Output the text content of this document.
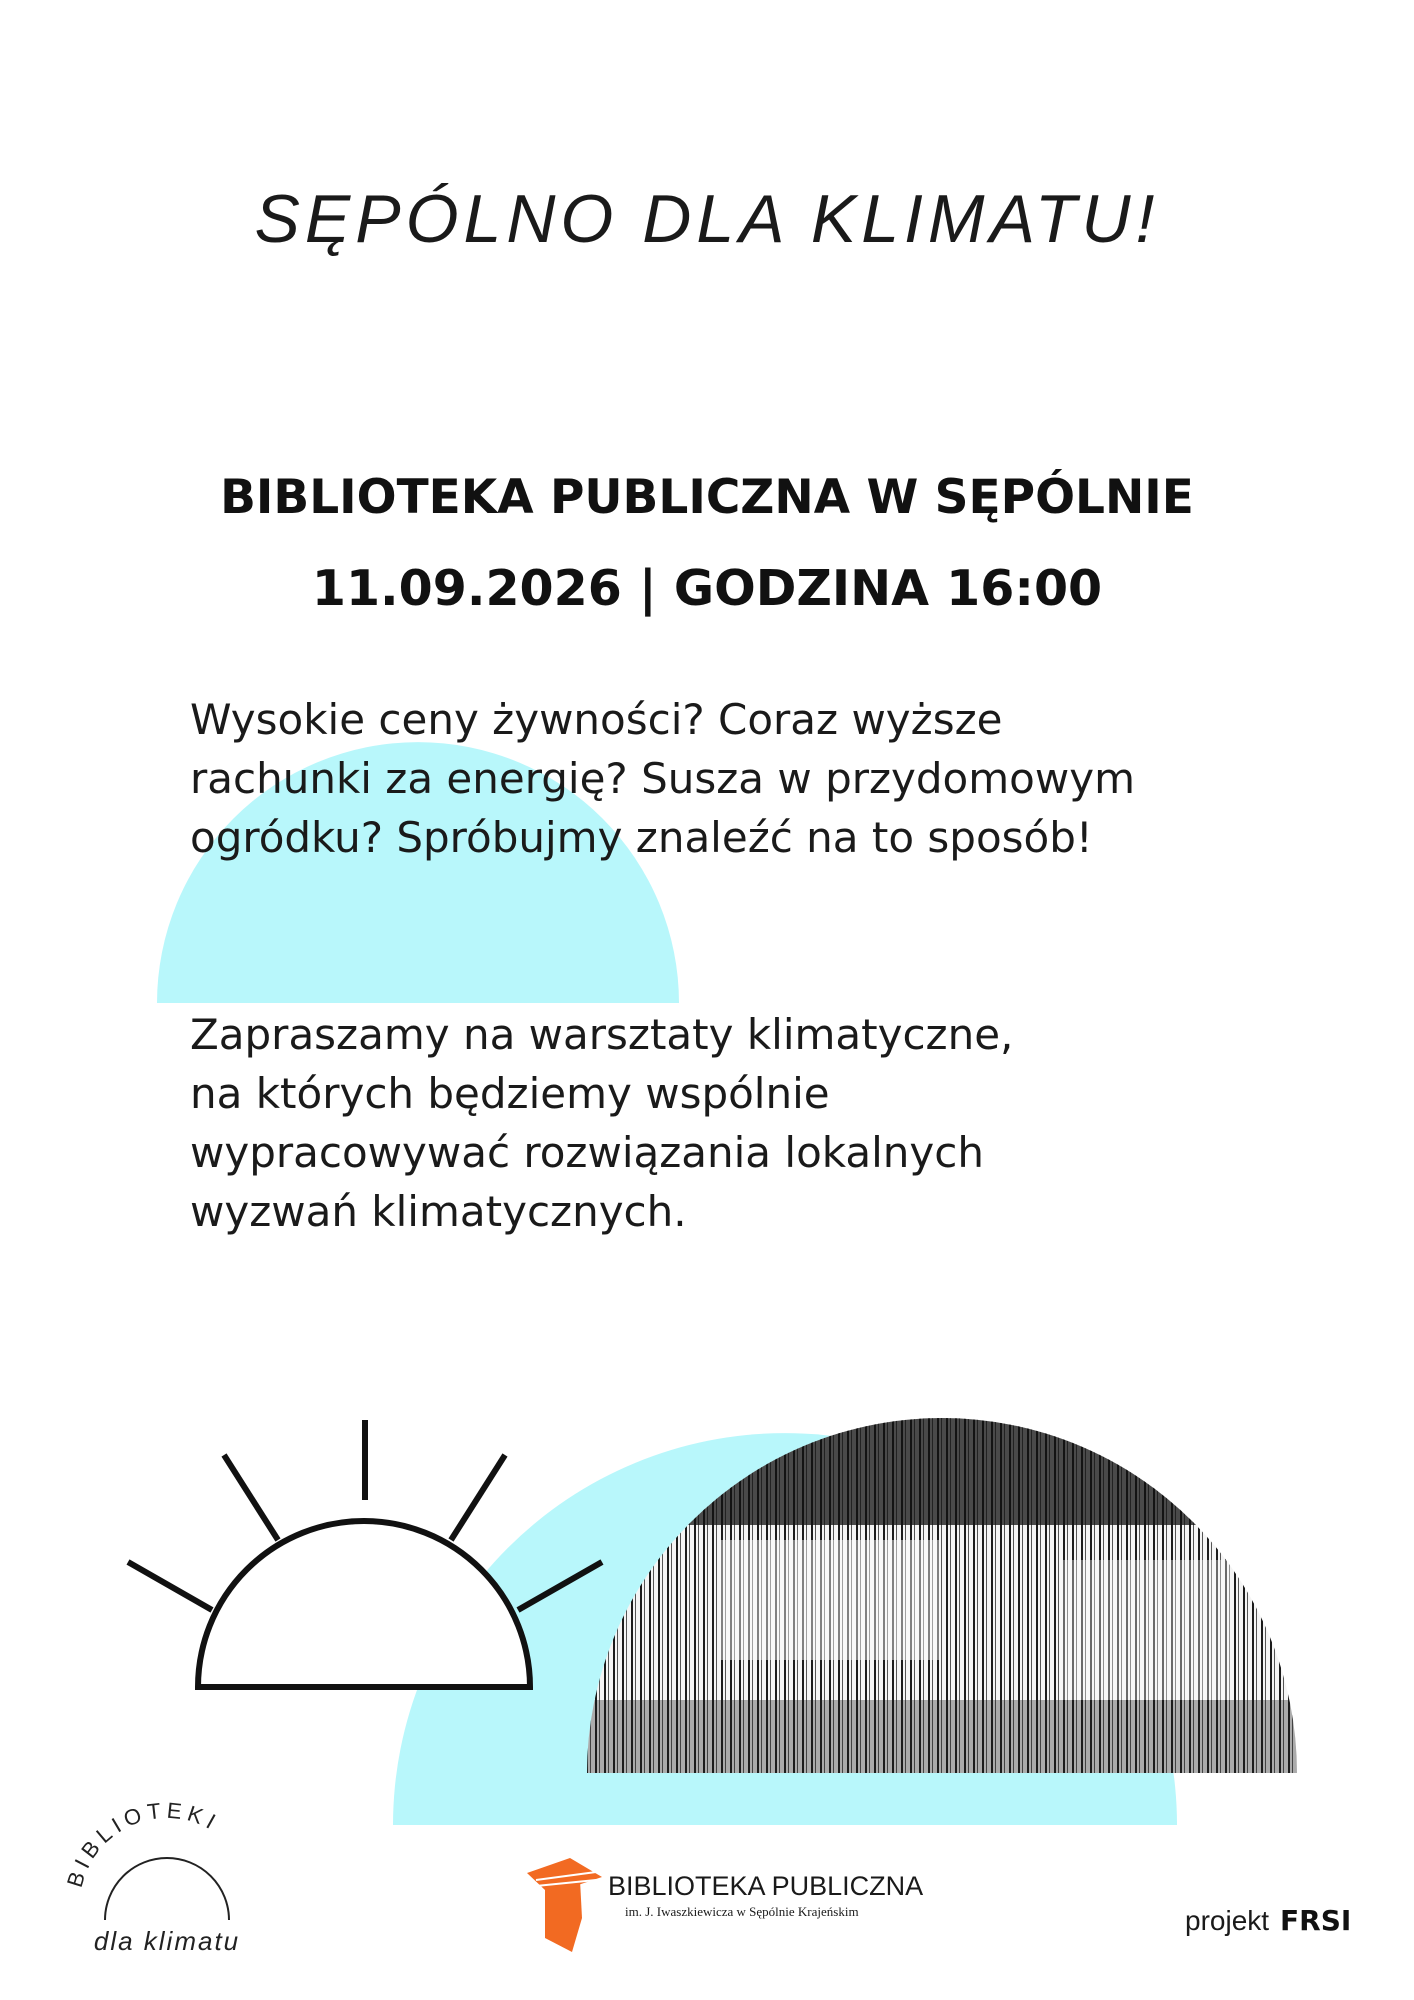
SĘPÓLNO DLA KLIMATU!
BIBLIOTEKA PUBLICZNA W SĘPÓLNIE
11.09.2026 | GODZINA 16:00
Wysokie ceny żywności? Coraz wyższe
rachunki za energię? Susza w przydomowym
ogródku? Spróbujmy znaleźć na to sposób!
Zapraszamy na warsztaty klimatyczne,
na których będziemy wspólnie
wypracowywać rozwiązania lokalnych
wyzwań klimatycznych.
BIBLIOTEKI
dla klimatu
BIBLIOTEKA PUBLICZNA
im. J. Iwaszkiewicza w Sępólnie Krajeńskim	projekt FRSI
